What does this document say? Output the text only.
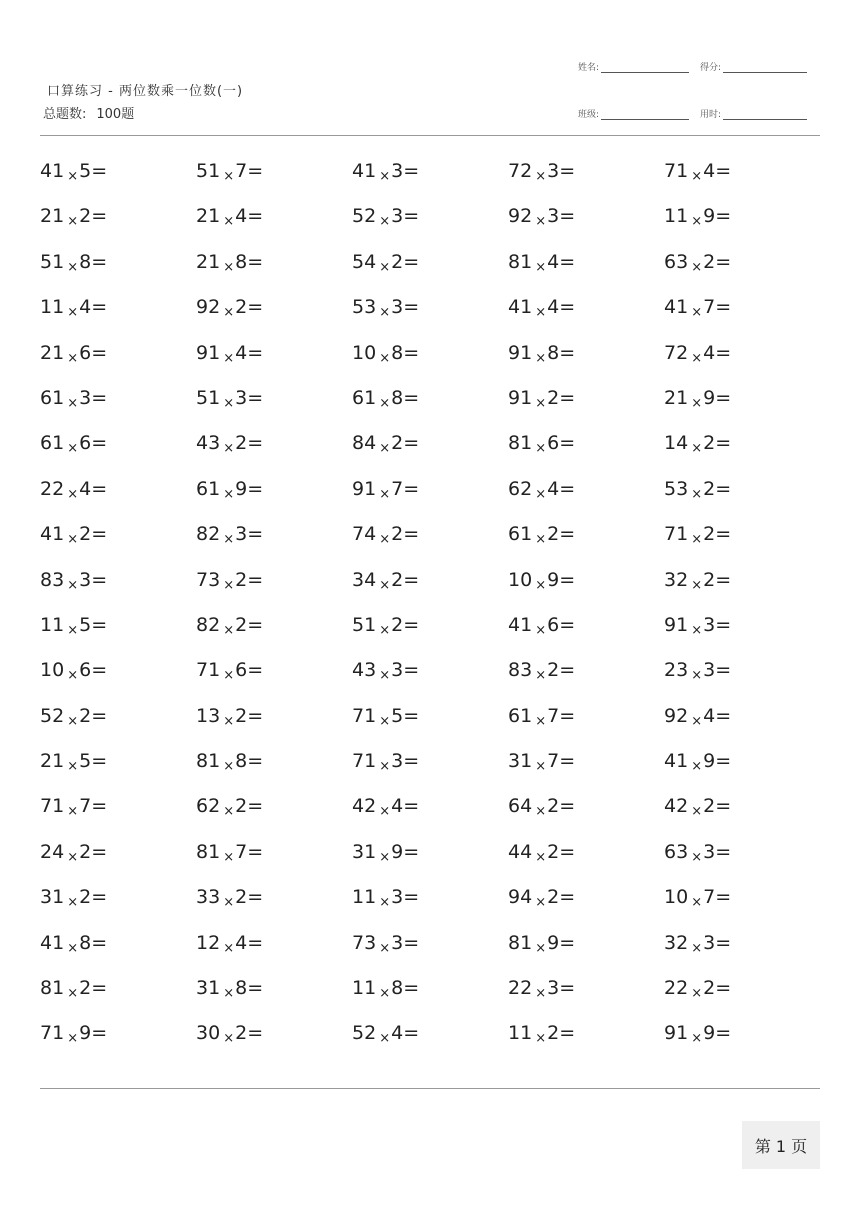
姓名:	得分:
班级:	用时:
口算练习 - 两位数乘一位数(一)
总题数: 100题
41 ×5=	51 ×7=	41 ×3=	72 ×3=	71 ×4=
21 ×2=	21 ×4=	52 ×3=	92 ×3=	11 ×9=
51 ×8=	21 ×8=	54 ×2=	81 ×4=	63 ×2=
11 ×4=	92 ×2=	53 ×3=	41 ×4=	41 ×7=
21 ×6=	91 ×4=	10 ×8=	91 ×8=	72 ×4=
61 ×3=	51 ×3=	61 ×8=	91 ×2=	21 ×9=
61 ×6=	43 ×2=	84 ×2=	81 ×6=	14 ×2=
22 ×4=	61 ×9=	91 ×7=	62 ×4=	53 ×2=
41 ×2=	82 ×3=	74 ×2=	61 ×2=	71 ×2=
83 ×3=	73 ×2=	34 ×2=	10 ×9=	32 ×2=
11 ×5=	82 ×2=	51 ×2=	41 ×6=	91 ×3=
10 ×6=	71 ×6=	43 ×3=	83 ×2=	23 ×3=
52 ×2=	13 ×2=	71 ×5=	61 ×7=	92 ×4=
21 ×5=	81 ×8=	71 ×3=	31 ×7=	41 ×9=
71 ×7=	62 ×2=	42 ×4=	64 ×2=	42 ×2=
24 ×2=	81 ×7=	31 ×9=	44 ×2=	63 ×3=
31 ×2=	33 ×2=	11 ×3=	94 ×2=	10 ×7=
41 ×8=	12 ×4=	73 ×3=	81 ×9=	32 ×3=
81 ×2=	31 ×8=	11 ×8=	22 ×3=	22 ×2=
71 ×9=	30 ×2=	52 ×4=	11 ×2=	91 ×9=
第 1 页
